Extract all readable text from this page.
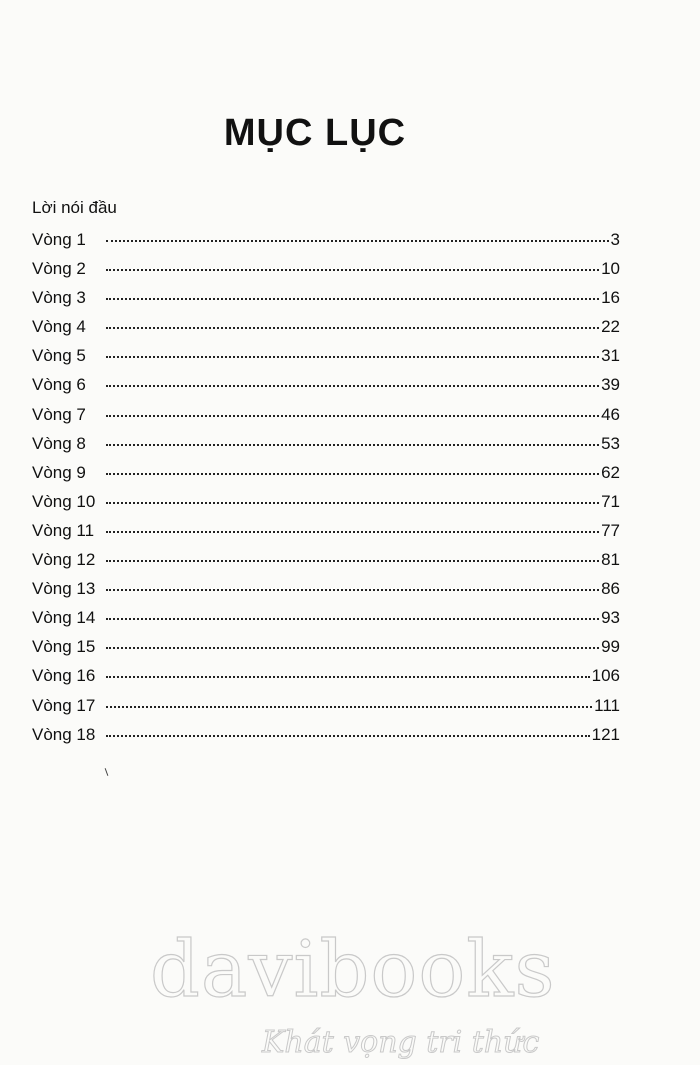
MỤC LỤC
Lời nói đầu
Vòng 1	3
Vòng 2	10
Vòng 3	16
Vòng 4	22
Vòng 5	31
Vòng 6	39
Vòng 7	46
Vòng 8	53
Vòng 9	62
Vòng 10	71
Vòng 11	77
Vòng 12	81
Vòng 13	86
Vòng 14	93
Vòng 15	99
Vòng 16	106
Vòng 17	111
Vòng 18	121
davibooks
Khát vọng tri thức
